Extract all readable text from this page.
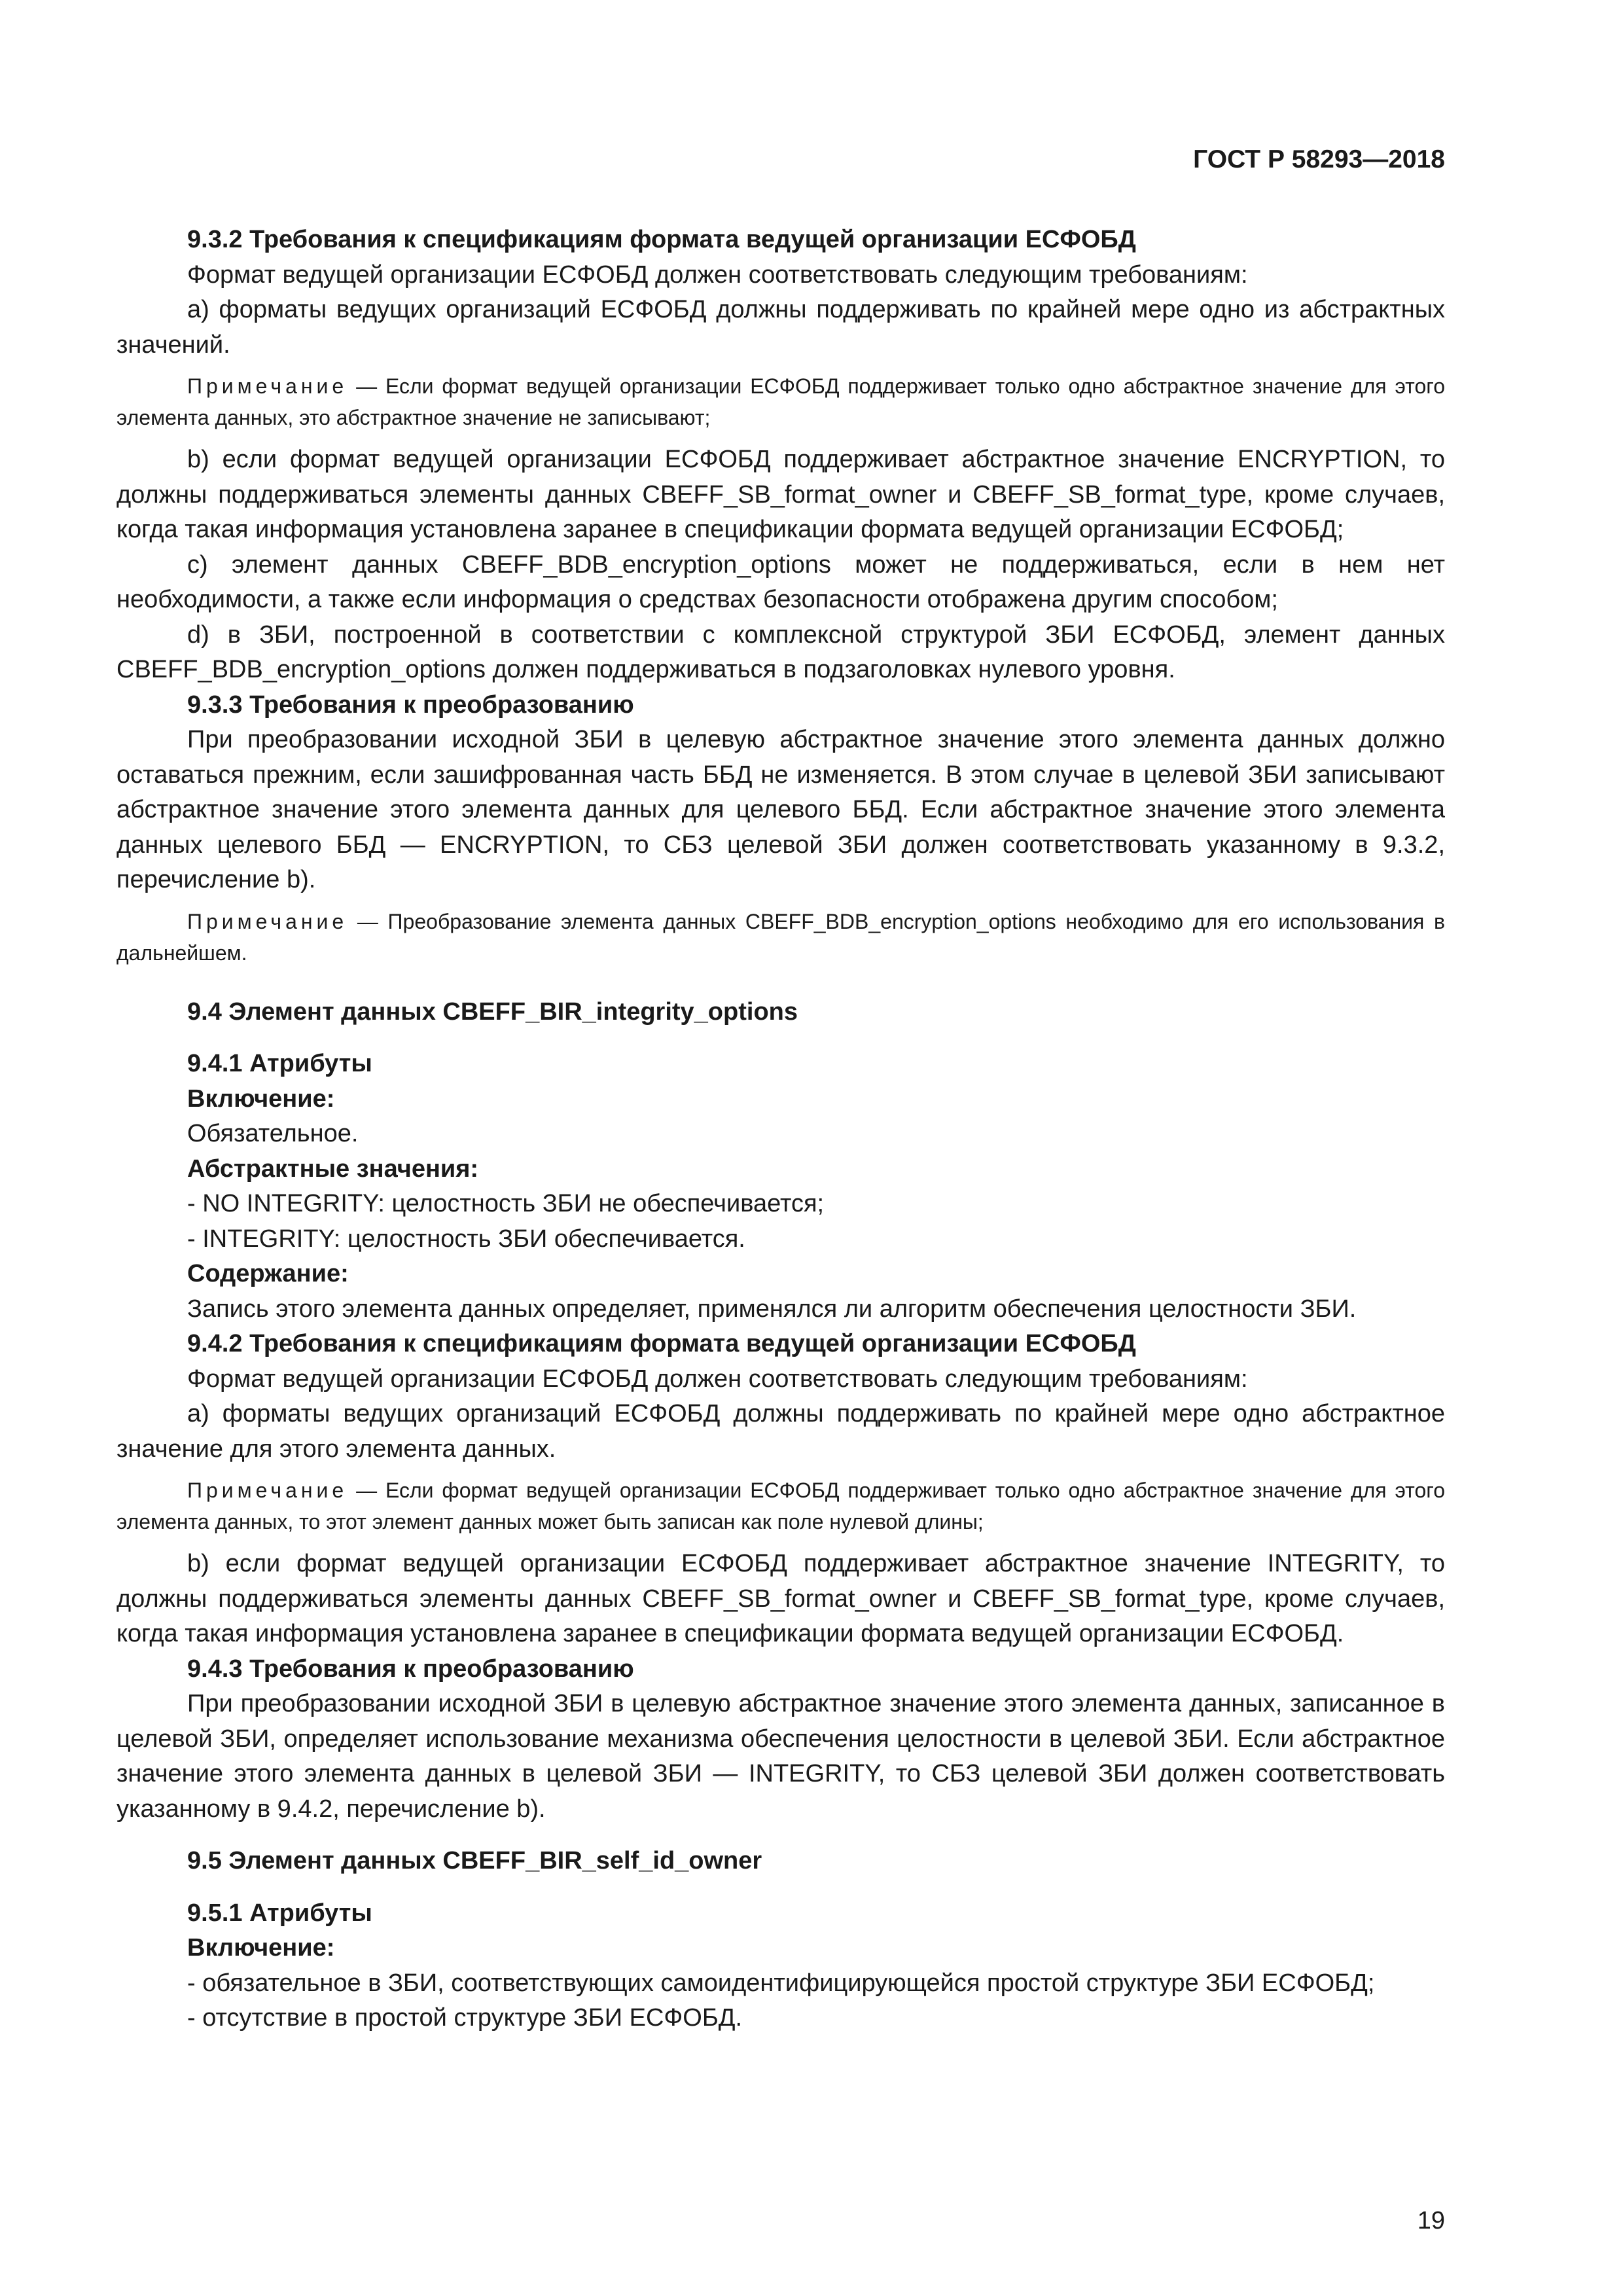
ГОСТ Р 58293—2018

9.3.2 Требования к спецификациям формата ведущей организации ЕСФОБД

Формат ведущей организации ЕСФОБД должен соответствовать следующим требованиям:

а) форматы ведущих организаций ЕСФОБД должны поддерживать по крайней мере одно из абстрактных значений.

Примечание — Если формат ведущей организации ЕСФОБД поддерживает только одно абстрактное значение для этого элемента данных, это абстрактное значение не записывают;

b) если формат ведущей организации ЕСФОБД поддерживает абстрактное значение ENCRYPTION, то должны поддерживаться элементы данных CBEFF_SB_format_owner и CBEFF_SB_format_type, кроме случаев, когда такая информация установлена заранее в спецификации формата ведущей организации ЕСФОБД;

с) элемент данных CBEFF_BDB_encryption_options может не поддерживаться, если в нем нет необходимости, а также если информация о средствах безопасности отображена другим способом;

d) в ЗБИ, построенной в соответствии с комплексной структурой ЗБИ ЕСФОБД, элемент данных CBEFF_BDB_encryption_options должен поддерживаться в подзаголовках нулевого уровня.

9.3.3 Требования к преобразованию

При преобразовании исходной ЗБИ в целевую абстрактное значение этого элемента данных должно оставаться прежним, если зашифрованная часть ББД не изменяется. В этом случае в целевой ЗБИ записывают абстрактное значение этого элемента данных для целевого ББД. Если абстрактное значение этого элемента данных целевого ББД — ENCRYPTION, то СБЗ целевой ЗБИ должен соответствовать указанному в 9.3.2, перечисление b).

Примечание — Преобразование элемента данных CBEFF_BDB_encryption_options необходимо для его использования в дальнейшем.

9.4 Элемент данных CBEFF_BIR_integrity_options

9.4.1 Атрибуты

Включение:

Обязательное.

Абстрактные значения:

- NO INTEGRITY: целостность ЗБИ не обеспечивается;

- INTEGRITY: целостность ЗБИ обеспечивается.

Содержание:

Запись этого элемента данных определяет, применялся ли алгоритм обеспечения целостности ЗБИ.

9.4.2 Требования к спецификациям формата ведущей организации ЕСФОБД

Формат ведущей организации ЕСФОБД должен соответствовать следующим требованиям:

а) форматы ведущих организаций ЕСФОБД должны поддерживать по крайней мере одно абстрактное значение для этого элемента данных.

Примечание — Если формат ведущей организации ЕСФОБД поддерживает только одно абстрактное значение для этого элемента данных, то этот элемент данных может быть записан как поле нулевой длины;

b) если формат ведущей организации ЕСФОБД поддерживает абстрактное значение INTEGRITY, то должны поддерживаться элементы данных CBEFF_SB_format_owner и CBEFF_SB_format_type, кроме случаев, когда такая информация установлена заранее в спецификации формата ведущей организации ЕСФОБД.

9.4.3 Требования к преобразованию

При преобразовании исходной ЗБИ в целевую абстрактное значение этого элемента данных, записанное в целевой ЗБИ, определяет использование механизма обеспечения целостности в целевой ЗБИ. Если абстрактное значение этого элемента данных в целевой ЗБИ — INTEGRITY, то СБЗ целевой ЗБИ должен соответствовать указанному в 9.4.2, перечисление b).

9.5 Элемент данных CBEFF_BIR_self_id_owner

9.5.1 Атрибуты

Включение:

- обязательное в ЗБИ, соответствующих самоидентифицирующейся простой структуре ЗБИ ЕСФОБД;

- отсутствие в простой структуре ЗБИ ЕСФОБД.

19
